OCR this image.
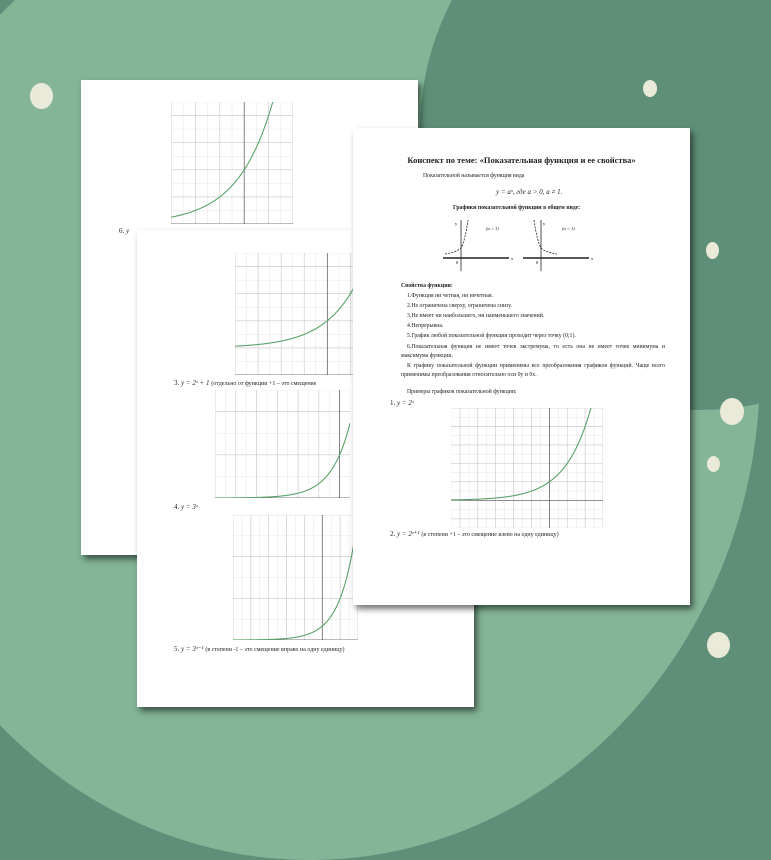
6. y
3. y = 2ˣ + 1 (отдельно от функции +1 – это смещение
4. y = 3ˣ
5. y = 3ˣ⁻¹ (в степени -1 – это смещение вправо на одну единицу)
Конспект по теме: «Показательная функция и ее свойства»
Показательной называется функция вида
y = aˣ, где a > 0, a ≠ 1.
Графики показательной функции в общем виде:
y
x
0
(a > 1)
y
x
0
(a < 1)
Свойства функции:
1.Функция ни четная, ни нечетная.
2.Не ограничена сверху, ограничена снизу.
3.Не имеет ни наибольшего, ни наименьшего значений.
4.Непрерывна.
5.График любой показательной функции проходит через точку (0;1).
6.Показательная функция не имеет точек экстремума, то есть она не имеет точек минимума и максимума функции.
К графику показательной функции применимы все преобразования графиков функций. Чаще всего применимы преобразования относительно оси 0y и 0x.
Примеры графиков показательной функции:
1. y = 2ˣ
2. y = 2ˣ⁺¹ (в степени +1 – это смещение влево на одну единицу)
